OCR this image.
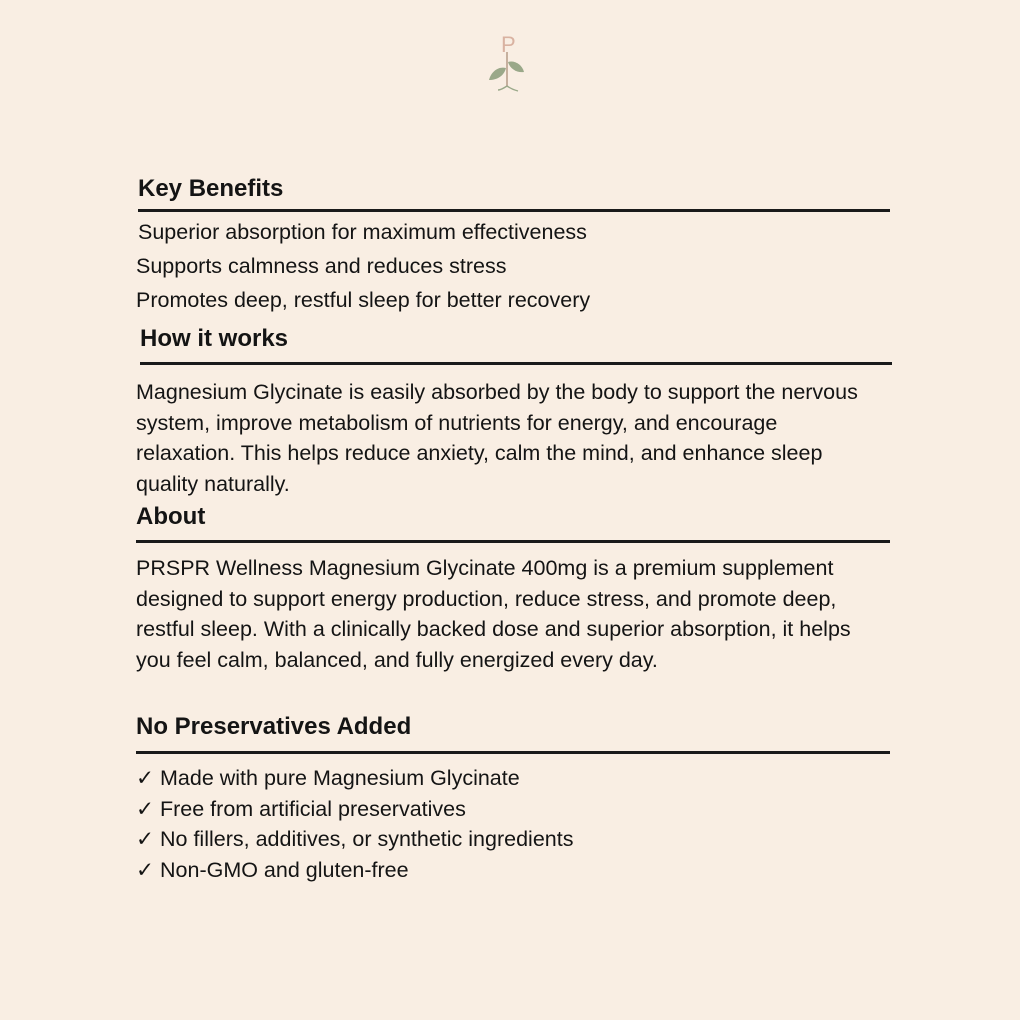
P
Key Benefits
Superior absorption for maximum effectiveness
Supports calmness and reduces stress
Promotes deep, restful sleep for better recovery
How it works

Magnesium Glycinate is easily absorbed by the body to support the nervous system, improve metabolism of nutrients for energy, and encourage relaxation. This helps reduce anxiety, calm the mind, and enhance sleep quality naturally.

About

PRSPR Wellness Magnesium Glycinate 400mg is a premium supplement designed to support energy production, reduce stress, and promote deep, restful sleep. With a clinically backed dose and superior absorption, it helps you feel calm, balanced, and fully energized every day.

No Preservatives Added
✓ Made with pure Magnesium Glycinate
✓ Free from artificial preservatives
✓ No fillers, additives, or synthetic ingredients
✓ Non-GMO and gluten-free
